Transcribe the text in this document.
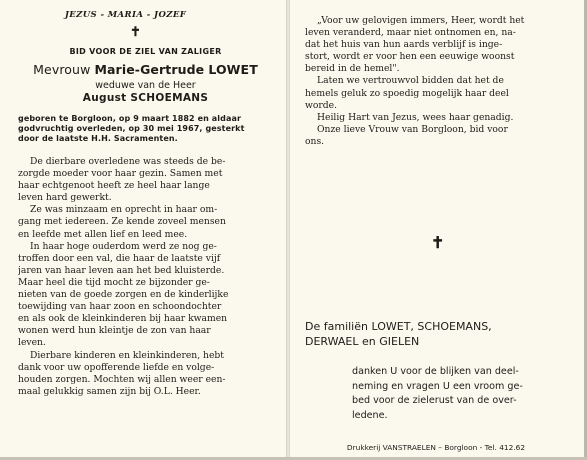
JEZUS - MARIA - JOZEF
✝
BID VOOR DE ZIEL VAN ZALIGER
Mevrouw Marie-Gertrude LOWET
weduwe van de Heer
August SCHOEMANS
geboren te Borgloon, op 9 maart 1882 en aldaar
godvruchtig overleden, op 30 mei 1967, gesterkt
door de laatste H.H. Sacramenten.

De dierbare overledene was steeds de be-
zorgde moeder voor haar gezin. Samen met
haar echtgenoot heeft ze heel haar lange
leven hard gewerkt.

Ze was minzaam en oprecht in haar om-
gang met iedereen. Ze kende zoveel mensen
en leefde met allen lief en leed mee.

In haar hoge ouderdom werd ze nog ge-
troffen door een val, die haar de laatste vijf
jaren van haar leven aan het bed kluisterde.
Maar heel die tijd mocht ze bijzonder ge-
nieten van de goede zorgen en de kinderlijke
toewijding van haar zoon en schoondochter
en als ook de kleinkinderen bij haar kwamen
wonen werd hun kleintje de zon van haar
leven.

Dierbare kinderen en kleinkinderen, hebt
dank voor uw opofferende liefde en volge-
houden zorgen. Mochten wij allen weer een-
maal gelukkig samen zijn bij O.L. Heer.

„Voor uw gelovigen immers, Heer, wordt het
leven veranderd, maar niet ontnomen en, na-
dat het huis van hun aards verblijf is inge-
stort, wordt er voor hen een eeuwige woonst
bereid in de hemel".

Laten we vertrouwvol bidden dat het de
hemels geluk zo spoedig mogelijk haar deel
worde.

Heilig Hart van Jezus, wees haar genadig.

Onze lieve Vrouw van Borgloon, bid voor
ons.

✝
De familiën LOWET, SCHOEMANS,
DERWAEL en GIELEN
danken U voor de blijken van deel-
neming en vragen U een vroom ge-
bed voor de zielerust van de over-
ledene.
Drukkerij VANSTRAELEN – Borgloon - Tel. 412.62
